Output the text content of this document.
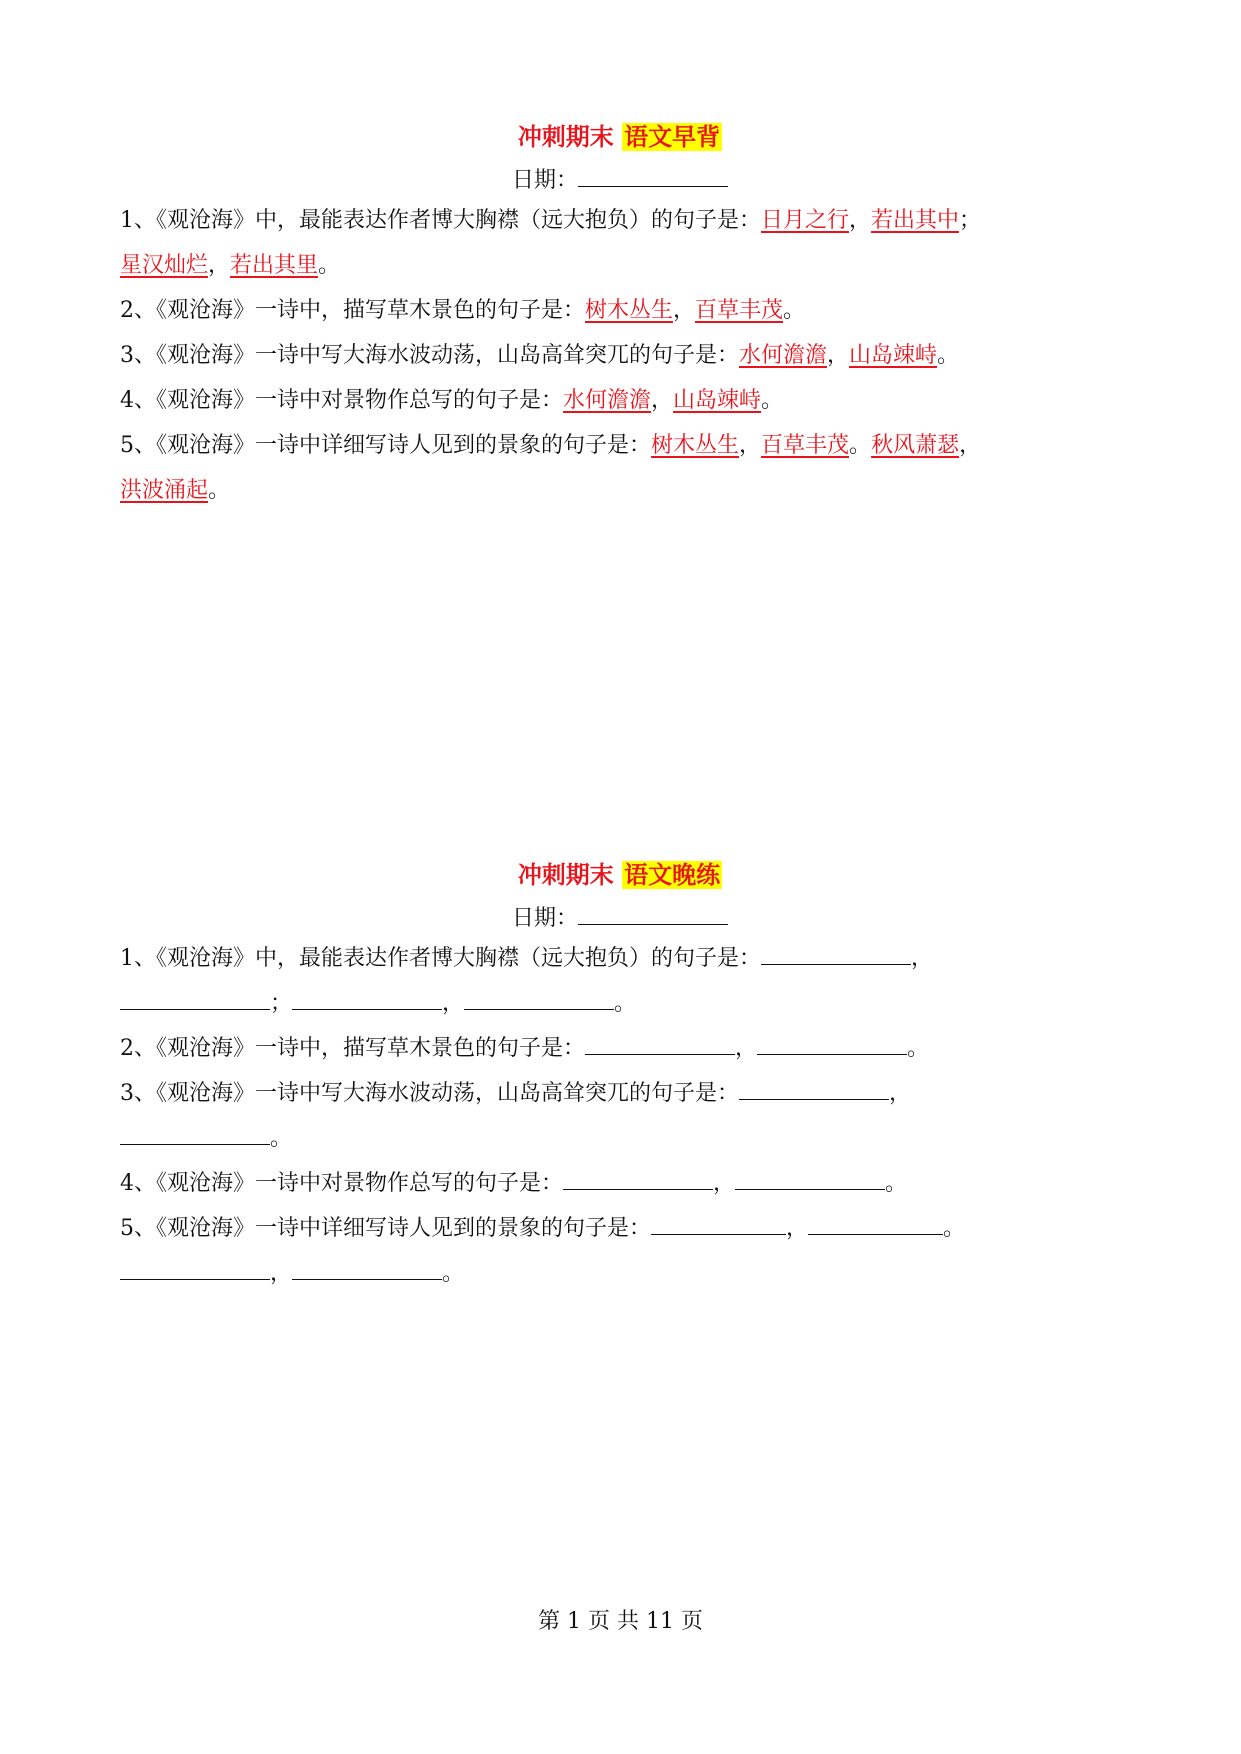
冲刺期末 语文早背
日期：
1、《观沧海》中，最能表达作者博大胸襟（远大抱负）的句子是：日月之行，若出其中；
星汉灿烂，若出其里。
2、《观沧海》一诗中，描写草木景色的句子是：树木丛生，百草丰茂。
3、《观沧海》一诗中写大海水波动荡，山岛高耸突兀的句子是：水何澹澹，山岛竦峙。
4、《观沧海》一诗中对景物作总写的句子是：水何澹澹，山岛竦峙。
5、《观沧海》一诗中详细写诗人见到的景象的句子是：树木丛生，百草丰茂。秋风萧瑟，
洪波涌起。
冲刺期末 语文晚练
日期：
1、《观沧海》中，最能表达作者博大胸襟（远大抱负）的句子是：	，
；	，	。
2、《观沧海》一诗中，描写草木景色的句子是：	，	。
3、《观沧海》一诗中写大海水波动荡，山岛高耸突兀的句子是：	，
。
4、《观沧海》一诗中对景物作总写的句子是：	，	。
5、《观沧海》一诗中详细写诗人见到的景象的句子是：	，	。
，	。
第 1 页 共 11 页
